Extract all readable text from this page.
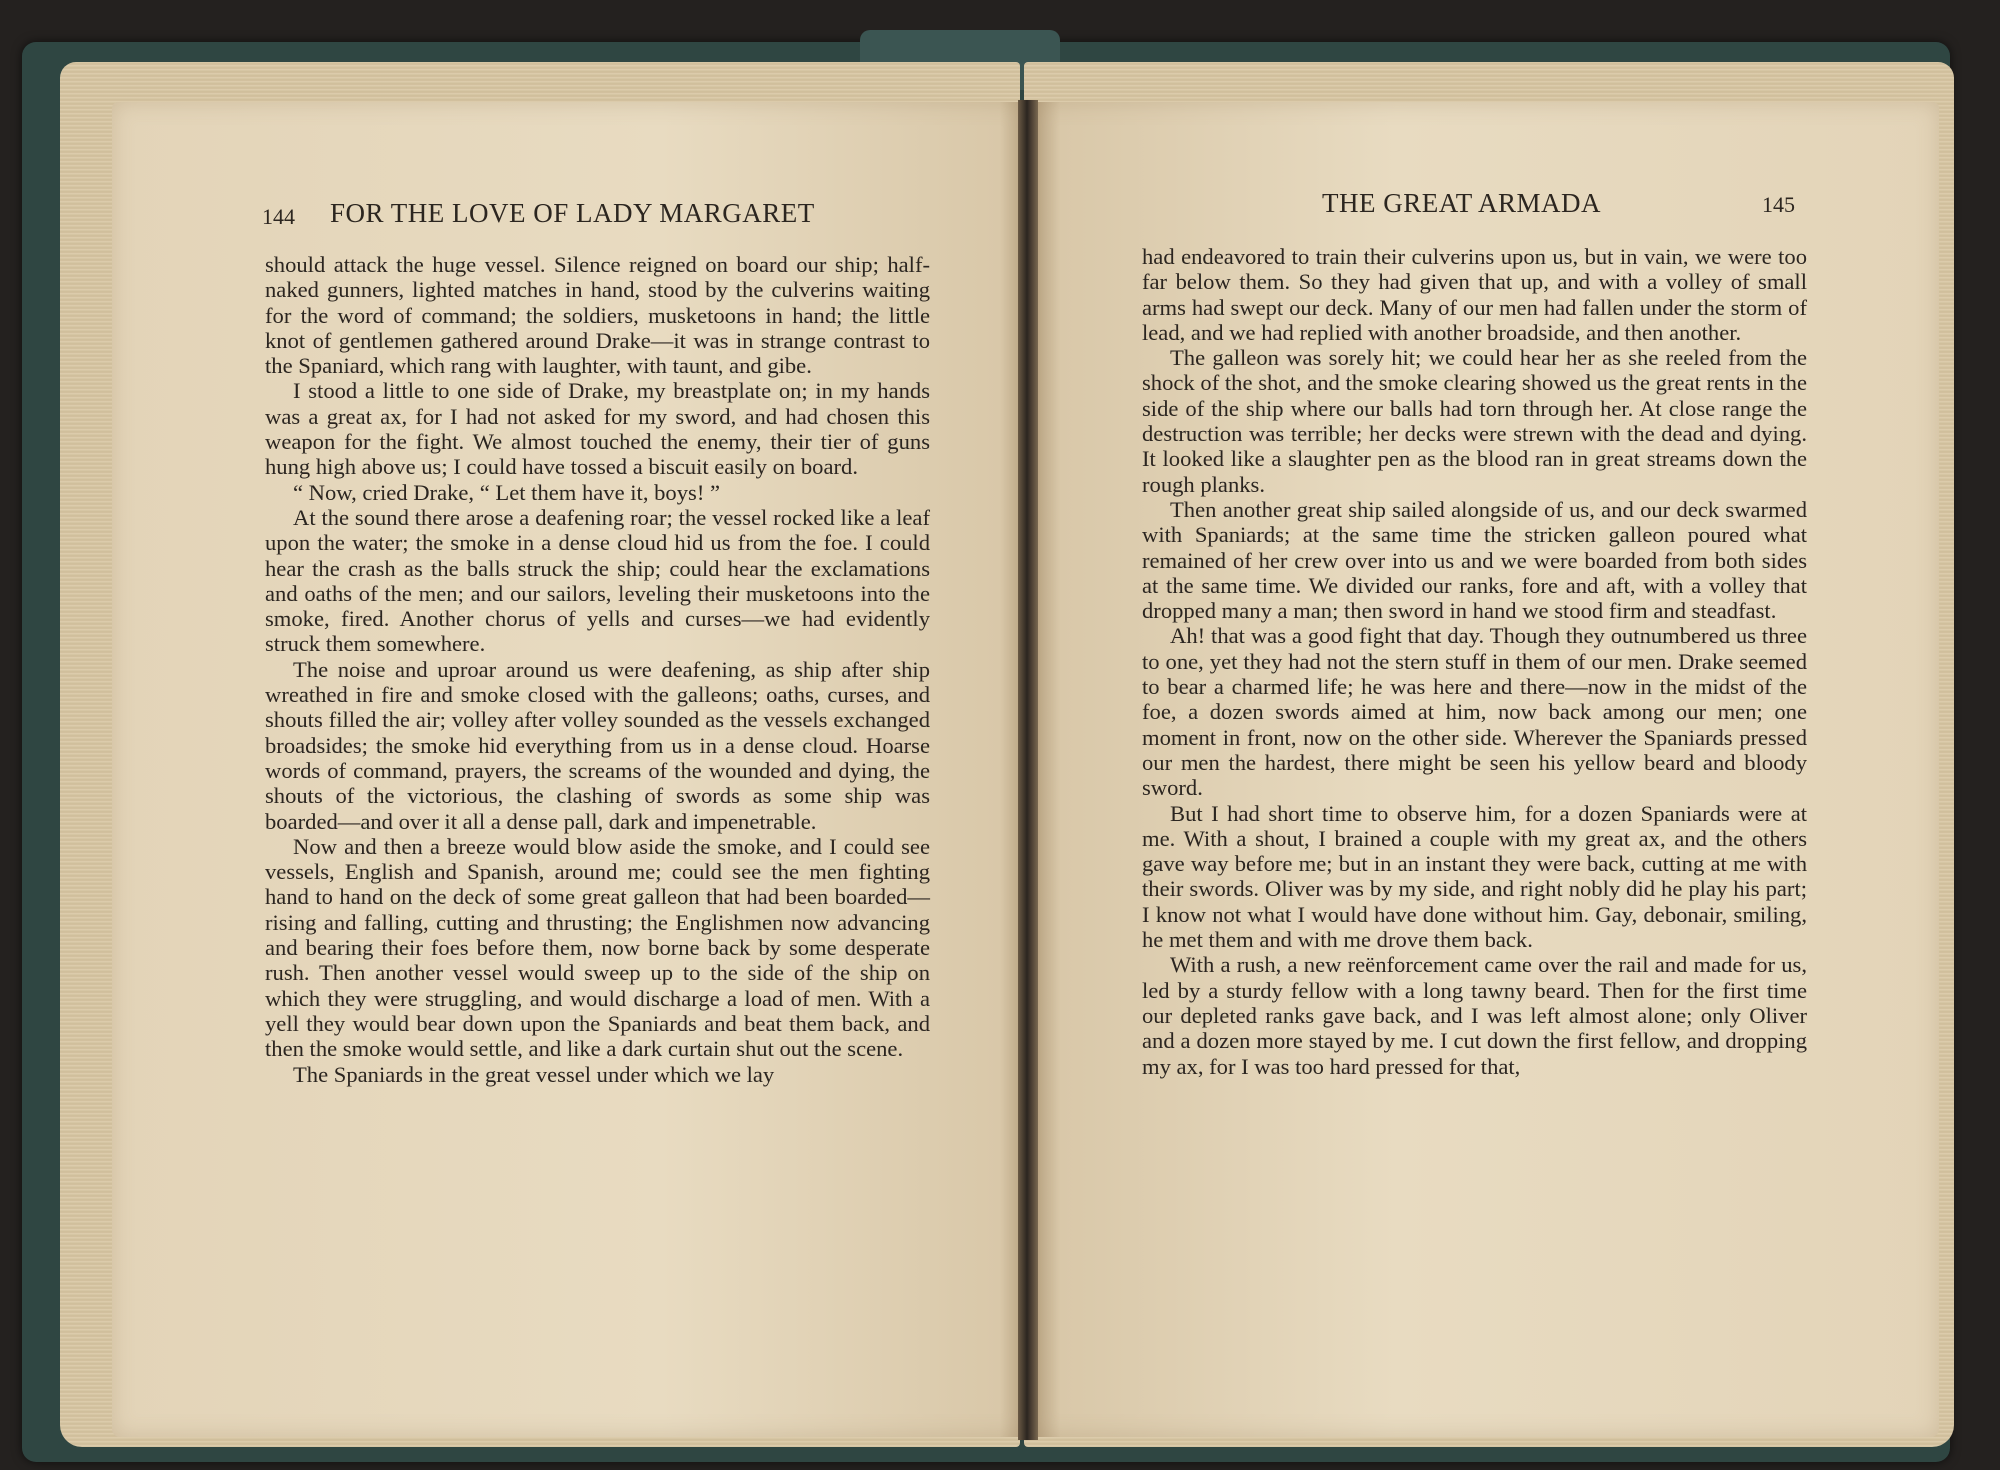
144 FOR THE LOVE OF LADY MARGARET

should attack the huge vessel. Silence reigned on board our ship; half-naked gunners, lighted matches in hand, stood by the culverins waiting for the word of command; the soldiers, musketoons in hand; the little knot of gentlemen gathered around Drake—it was in strange contrast to the Spaniard, which rang with laughter, with taunt, and gibe.

I stood a little to one side of Drake, my breastplate on; in my hands was a great ax, for I had not asked for my sword, and had chosen this weapon for the fight. We almost touched the enemy, their tier of guns hung high above us; I could have tossed a biscuit easily on board.

“ Now, cried Drake, “ Let them have it, boys! ”

At the sound there arose a deafening roar; the vessel rocked like a leaf upon the water; the smoke in a dense cloud hid us from the foe. I could hear the crash as the balls struck the ship; could hear the exclamations and oaths of the men; and our sailors, leveling their musketoons into the smoke, fired. Another chorus of yells and curses—we had evidently struck them somewhere.

The noise and uproar around us were deafening, as ship after ship wreathed in fire and smoke closed with the galleons; oaths, curses, and shouts filled the air; volley after volley sounded as the vessels exchanged broadsides; the smoke hid everything from us in a dense cloud. Hoarse words of command, prayers, the screams of the wounded and dying, the shouts of the victorious, the clashing of swords as some ship was boarded—and over it all a dense pall, dark and impenetrable.

Now and then a breeze would blow aside the smoke, and I could see vessels, English and Spanish, around me; could see the men fighting hand to hand on the deck of some great galleon that had been boarded—rising and falling, cutting and thrusting; the Englishmen now advancing and bearing their foes before them, now borne back by some desperate rush. Then another vessel would sweep up to the side of the ship on which they were struggling, and would discharge a load of men. With a yell they would bear down upon the Spaniards and beat them back, and then the smoke would settle, and like a dark curtain shut out the scene.

The Spaniards in the great vessel under which we lay

THE GREAT ARMADA	145

had endeavored to train their culverins upon us, but in vain, we were too far below them. So they had given that up, and with a volley of small arms had swept our deck. Many of our men had fallen under the storm of lead, and we had replied with another broadside, and then another.

The galleon was sorely hit; we could hear her as she reeled from the shock of the shot, and the smoke clearing showed us the great rents in the side of the ship where our balls had torn through her. At close range the destruction was terrible; her decks were strewn with the dead and dying. It looked like a slaughter pen as the blood ran in great streams down the rough planks.

Then another great ship sailed alongside of us, and our deck swarmed with Spaniards; at the same time the stricken galleon poured what remained of her crew over into us and we were boarded from both sides at the same time. We divided our ranks, fore and aft, with a volley that dropped many a man; then sword in hand we stood firm and steadfast.

Ah! that was a good fight that day. Though they outnumbered us three to one, yet they had not the stern stuff in them of our men. Drake seemed to bear a charmed life; he was here and there—now in the midst of the foe, a dozen swords aimed at him, now back among our men; one moment in front, now on the other side. Wherever the Spaniards pressed our men the hardest, there might be seen his yellow beard and bloody sword.

But I had short time to observe him, for a dozen Spaniards were at me. With a shout, I brained a couple with my great ax, and the others gave way before me; but in an instant they were back, cutting at me with their swords. Oliver was by my side, and right nobly did he play his part; I know not what I would have done without him. Gay, debonair, smiling, he met them and with me drove them back.

With a rush, a new reënforcement came over the rail and made for us, led by a sturdy fellow with a long tawny beard. Then for the first time our depleted ranks gave back, and I was left almost alone; only Oliver and a dozen more stayed by me. I cut down the first fellow, and dropping my ax, for I was too hard pressed for that,
